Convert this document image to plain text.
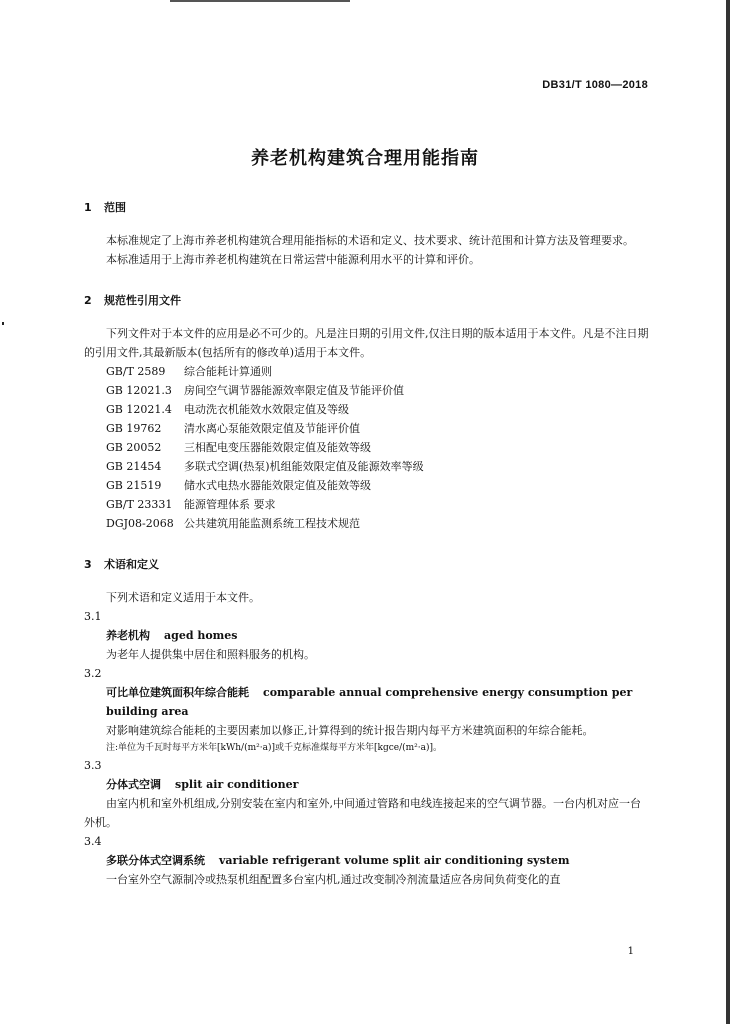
DB31/T 1080—2018
养老机构建筑合理用能指南
1 范围

本标准规定了上海市养老机构建筑合理用能指标的术语和定义、技术要求、统计范围和计算方法及管理要求。

本标准适用于上海市养老机构建筑在日常运营中能源利用水平的计算和评价。

2 规范性引用文件

下列文件对于本文件的应用是必不可少的。凡是注日期的引用文件,仅注日期的版本适用于本文件。凡是不注日期的引用文件,其最新版本(包括所有的修改单)适用于本文件。

GB/T 2589 综合能耗计算通则
GB 12021.3 房间空气调节器能源效率限定值及节能评价值
GB 12021.4 电动洗衣机能效水效限定值及等级
GB 19762 清水离心泵能效限定值及节能评价值
GB 20052 三相配电变压器能效限定值及能效等级
GB 21454 多联式空调(热泵)机组能效限定值及能源效率等级
GB 21519 储水式电热水器能效限定值及能效等级
GB/T 23331 能源管理体系 要求
DGJ08-2068 公共建筑用能监测系统工程技术规范
3 术语和定义

下列术语和定义适用于本文件。

3.1

养老机构 aged homes

为老年人提供集中居住和照料服务的机构。

3.2

可比单位建筑面积年综合能耗 comparable annual comprehensive energy consumption per building area

对影响建筑综合能耗的主要因素加以修正,计算得到的统计报告期内每平方米建筑面积的年综合能耗。

注:单位为千瓦时每平方米年[kWh/(m²·a)]或千克标准煤每平方米年[kgce/(m²·a)]。

3.3

分体式空调 split air conditioner

由室内机和室外机组成,分别安装在室内和室外,中间通过管路和电线连接起来的空气调节器。一台内机对应一台外机。

3.4

多联分体式空调系统 variable refrigerant volume split air conditioning system

一台室外空气源制冷或热泵机组配置多台室内机,通过改变制冷剂流量适应各房间负荷变化的直

1
